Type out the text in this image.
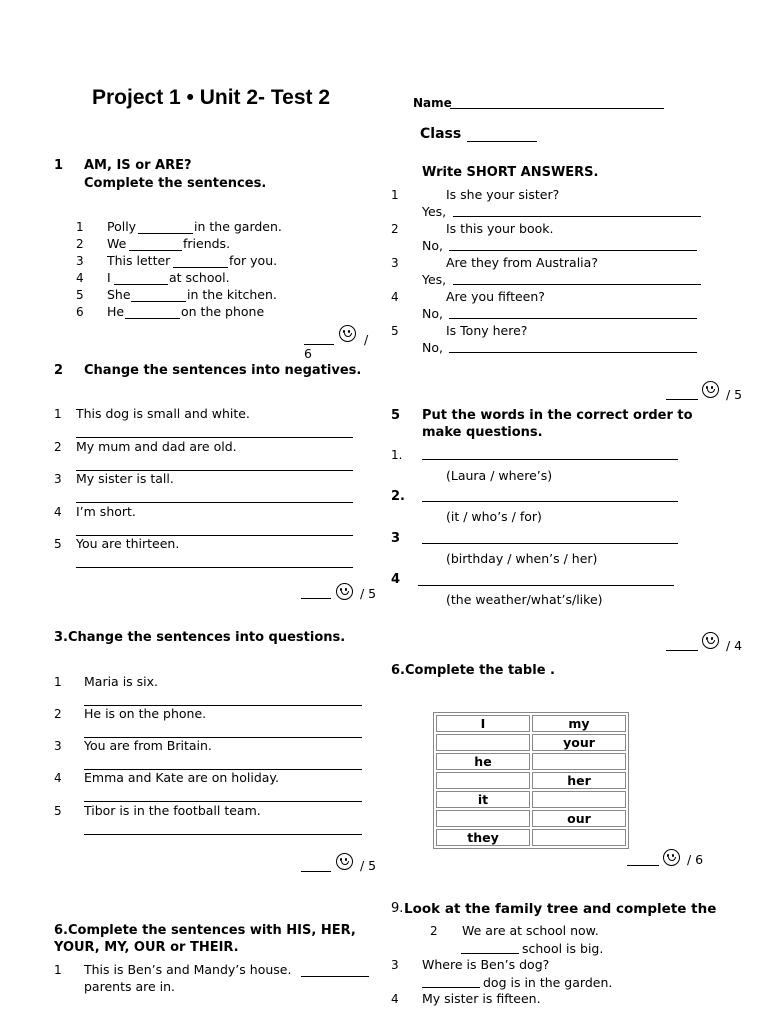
Project 1 • Unit 2- Test 2	Name
Class
1 AM, IS or ARE?
Complete the sentences.
1 Polly	in the garden.
2 We	friends.
3 This letter	for you.
4 I	at school.
5 She	in the kitchen.
6 He	on the phone
/
6
2 Change the sentences into negatives.
1 This dog is small and white.
2 My mum and dad are old.
3 My sister is tall.
4 I’m short.
5 You are thirteen.
/ 5
3.Change the sentences into questions.
1 Maria is six.
2 He is on the phone.
3 You are from Britain.
4 Emma and Kate are on holiday.
5 Tibor is in the football team.
/ 5
6.Complete the sentences with HIS, HER,
YOUR, MY, OUR or THEIR.
1 This is Ben’s and Mandy’s house.
parents are in.
Write SHORT ANSWERS.
1	Is she your sister?
Yes,
2	Is this your book.
No,
3	Are they from Australia?
Yes,
4	Are you fifteen?
No,
5	Is Tony here?
No,
/ 5
5 Put the words in the correct order to
make questions.
1.
(Laura / where’s)
2.
(it / who’s / for)
3
(birthday / when’s / her)
4
(the weather/what’s/like)
/ 4
6.Complete the table .
I	my
	your
he	
	her
it	
	our
they	
/ 6
9. Look at the family tree and complete the
2 We are at school now.
school is big.
3 Where is Ben’s dog?
dog is in the garden.
4 My sister is fifteen.
